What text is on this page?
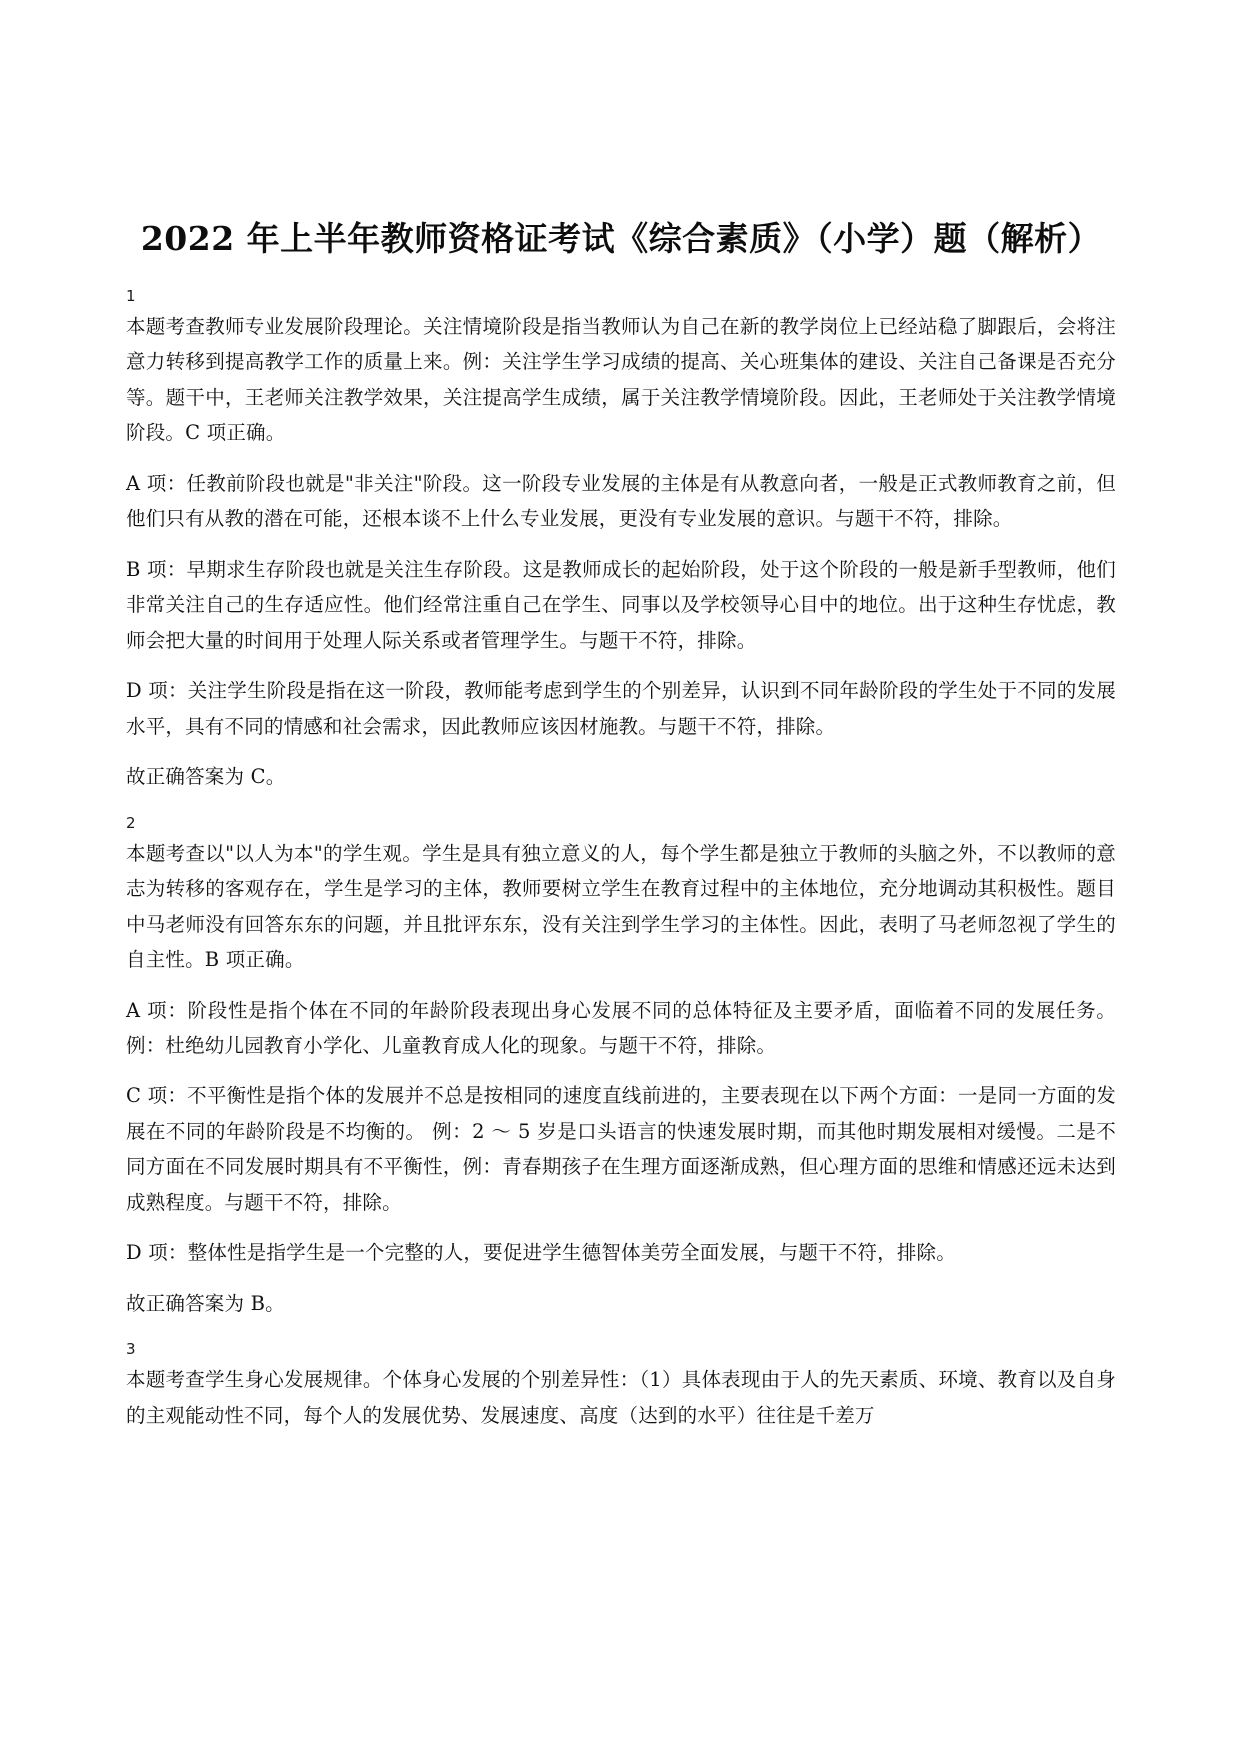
2022 年上半年教师资格证考试《综合素质》（小学）题（解析）
1

本题考查教师专业发展阶段理论。关注情境阶段是指当教师认为自己在新的教学岗位上已经站稳了脚跟后，会将注意力转移到提高教学工作的质量上来。例：关注学生学习成绩的提高、关心班集体的建设、关注自己备课是否充分等。题干中，王老师关注教学效果，关注提高学生成绩，属于关注教学情境阶段。因此，王老师处于关注教学情境阶段。C 项正确。

A 项：任教前阶段也就是"非关注"阶段。这一阶段专业发展的主体是有从教意向者，一般是正式教师教育之前，但他们只有从教的潜在可能，还根本谈不上什么专业发展，更没有专业发展的意识。与题干不符，排除。

B 项：早期求生存阶段也就是关注生存阶段。这是教师成长的起始阶段，处于这个阶段的一般是新手型教师，他们非常关注自己的生存适应性。他们经常注重自己在学生、同事以及学校领导心目中的地位。出于这种生存忧虑，教师会把大量的时间用于处理人际关系或者管理学生。与题干不符，排除。

D 项：关注学生阶段是指在这一阶段，教师能考虑到学生的个别差异，认识到不同年龄阶段的学生处于不同的发展水平，具有不同的情感和社会需求，因此教师应该因材施教。与题干不符，排除。

故正确答案为 C。

2

本题考查以"以人为本"的学生观。学生是具有独立意义的人，每个学生都是独立于教师的头脑之外，不以教师的意志为转移的客观存在，学生是学习的主体，教师要树立学生在教育过程中的主体地位，充分地调动其积极性。题目中马老师没有回答东东的问题，并且批评东东，没有关注到学生学习的主体性。因此，表明了马老师忽视了学生的自主性。B 项正确。

A 项：阶段性是指个体在不同的年龄阶段表现出身心发展不同的总体特征及主要矛盾，面临着不同的发展任务。 例：杜绝幼儿园教育小学化、儿童教育成人化的现象。与题干不符，排除。

C 项：不平衡性是指个体的发展并不总是按相同的速度直线前进的，主要表现在以下两个方面：一是同一方面的发展在不同的年龄阶段是不均衡的。 例：2 ～ 5 岁是口头语言的快速发展时期，而其他时期发展相对缓慢。二是不同方面在不同发展时期具有不平衡性，例：青春期孩子在生理方面逐渐成熟，但心理方面的思维和情感还远未达到成熟程度。与题干不符，排除。

D 项：整体性是指学生是一个完整的人，要促进学生德智体美劳全面发展，与题干不符，排除。

故正确答案为 B。

3

本题考查学生身心发展规律。个体身心发展的个别差异性：（1）具体表现由于人的先天素质、环境、教育以及自身的主观能动性不同，每个人的发展优势、发展速度、高度（达到的水平）往往是千差万
